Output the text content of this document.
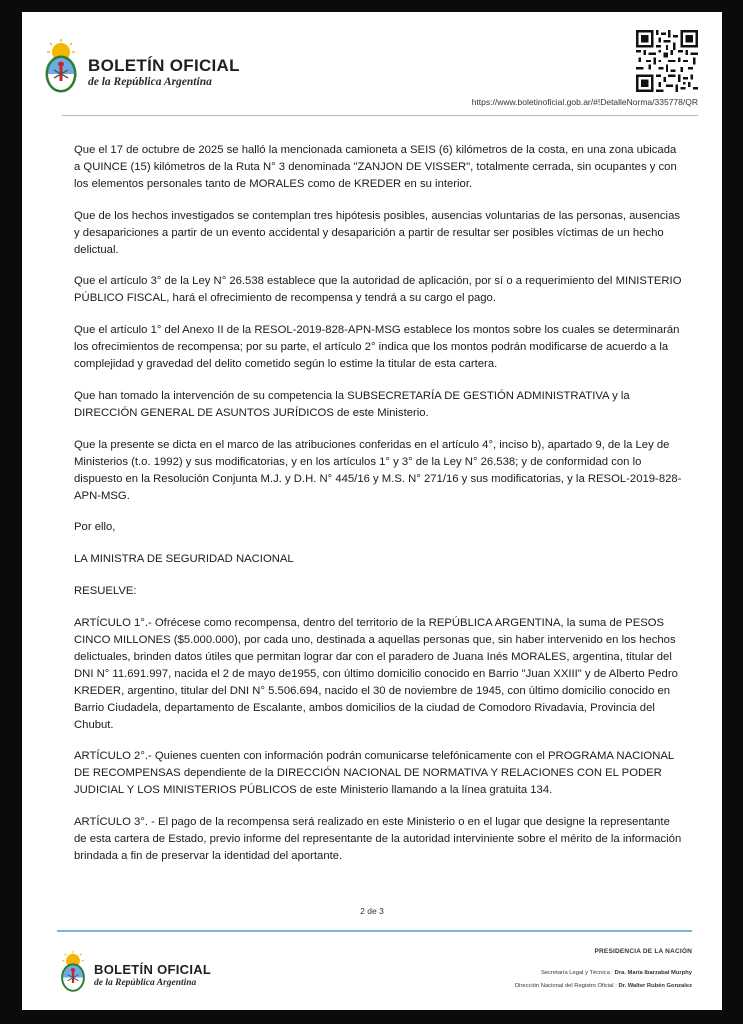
BOLETÍN OFICIAL
de la República Argentina
https://www.boletinoficial.gob.ar/#!DetalleNorma/335778/QR

Que el 17 de octubre de 2025 se halló la mencionada camioneta a SEIS (6) kilómetros de la costa, en una zona ubicada a QUINCE (15) kilómetros de la Ruta N° 3 denominada "ZANJON DE VISSER", totalmente cerrada, sin ocupantes y con los elementos personales tanto de MORALES como de KREDER en su interior.

Que de los hechos investigados se contemplan tres hipótesis posibles, ausencias voluntarias de las personas, ausencias y desapariciones a partir de un evento accidental y desaparición a partir de resultar ser posibles víctimas de un hecho delictual.

Que el artículo 3° de la Ley N° 26.538 establece que la autoridad de aplicación, por sí o a requerimiento del MINISTERIO PÚBLICO FISCAL, hará el ofrecimiento de recompensa y tendrá a su cargo el pago.

Que el artículo 1° del Anexo II de la RESOL-2019-828-APN-MSG establece los montos sobre los cuales se determinarán los ofrecimientos de recompensa; por su parte, el artículo 2° indica que los montos podrán modificarse de acuerdo a la complejidad y gravedad del delito cometido según lo estime la titular de esta cartera.

Que han tomado la intervención de su competencia la SUBSECRETARÍA DE GESTIÓN ADMINISTRATIVA y la DIRECCIÓN GENERAL DE ASUNTOS JURÍDICOS de este Ministerio.

Que la presente se dicta en el marco de las atribuciones conferidas en el artículo 4°, inciso b), apartado 9, de la Ley de Ministerios (t.o. 1992) y sus modificatorias, y en los artículos 1° y 3° de la Ley N° 26.538; y de conformidad con lo dispuesto en la Resolución Conjunta M.J. y D.H. N° 445/16 y M.S. N° 271/16 y sus modificatorias, y la RESOL-2019-828-APN-MSG.

Por ello,

LA MINISTRA DE SEGURIDAD NACIONAL

RESUELVE:

ARTÍCULO 1°.- Ofrécese como recompensa, dentro del territorio de la REPÚBLICA ARGENTINA, la suma de PESOS CINCO MILLONES ($5.000.000), por cada uno, destinada a aquellas personas que, sin haber intervenido en los hechos delictuales, brinden datos útiles que permitan lograr dar con el paradero de Juana Inés MORALES, argentina, titular del DNI N° 11.691.997, nacida el 2 de mayo de1955, con último domicilio conocido en Barrio "Juan XXIII" y de Alberto Pedro KREDER, argentino, titular del DNI N° 5.506.694, nacido el 30 de noviembre de 1945, con último domicilio conocido en Barrio Ciudadela, departamento de Escalante, ambos domicilios de la ciudad de Comodoro Rivadavia, Provincia del Chubut.

ARTÍCULO 2°.- Quienes cuenten con información podrán comunicarse telefónicamente con el PROGRAMA NACIONAL DE RECOMPENSAS dependiente de la DIRECCIÓN NACIONAL DE NORMATIVA Y RELACIONES CON EL PODER JUDICIAL Y LOS MINISTERIOS PÚBLICOS de este Ministerio llamando a la línea gratuita 134.

ARTÍCULO 3°. - El pago de la recompensa será realizado en este Ministerio o en el lugar que designe la representante de esta cartera de Estado, previo informe del representante de la autoridad interviniente sobre el mérito de la información brindada a fin de preservar la identidad del aportante.

2 de 3
BOLETÍN OFICIAL
de la República Argentina
PRESIDENCIA DE LA NACIÓN
Secretaría Legal y Técnica : Dra. María Ibarzabal Murphy
Dirección Nacional del Registro Oficial : Dr. Walter Rubén Gonzalez
